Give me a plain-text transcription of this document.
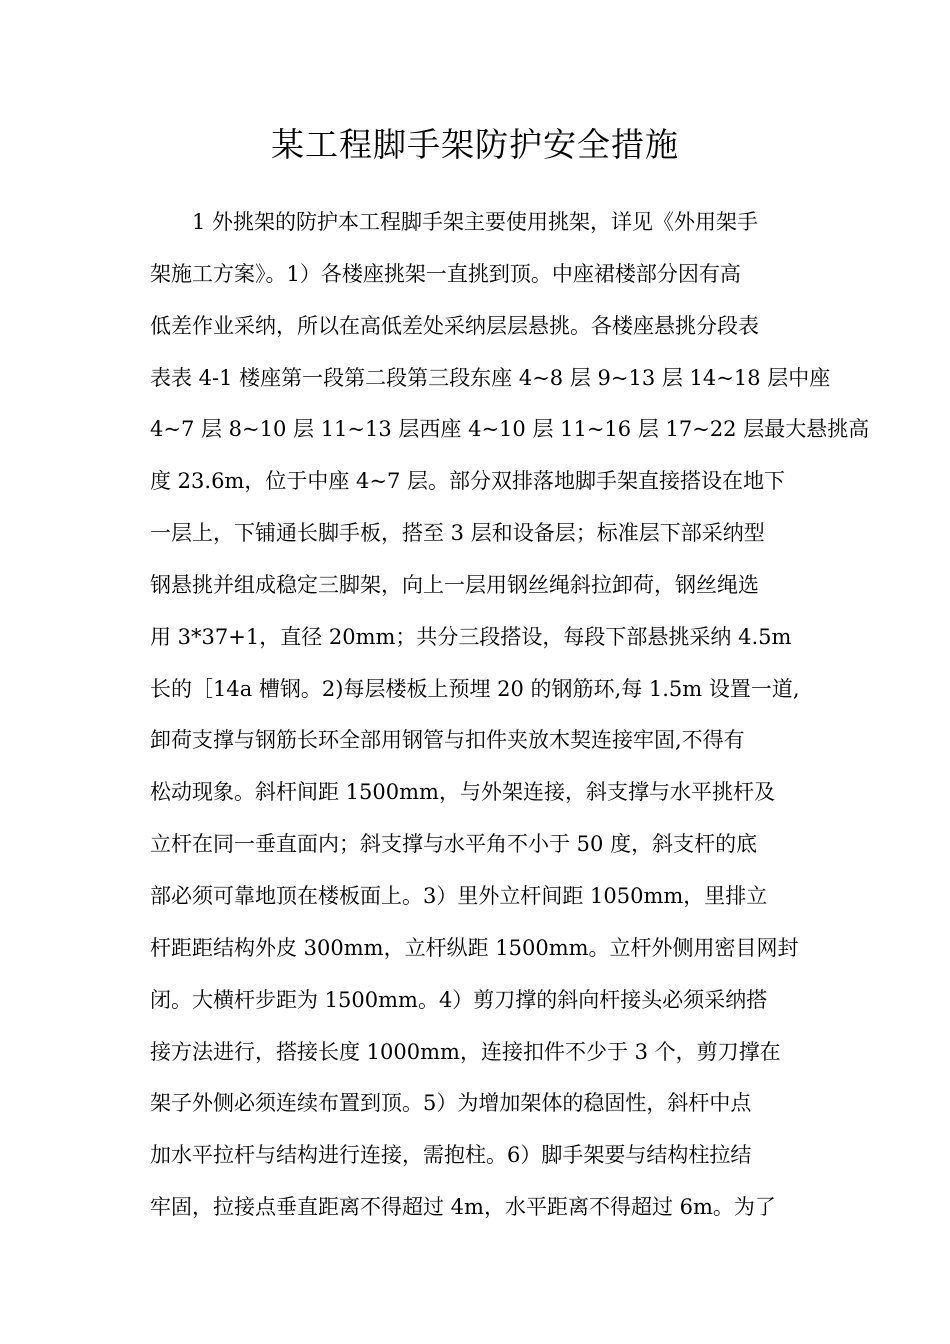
某工程脚手架防护安全措施
1 外挑架的防护本工程脚手架主要使用挑架，详见《外用架手
架施工方案》。1）各楼座挑架一直挑到顶。中座裙楼部分因有高
低差作业采纳，所以在高低差处采纳层层悬挑。各楼座悬挑分段表
表表 4-1 楼座第一段第二段第三段东座 4~8 层 9~13 层 14~18 层中座
4~7 层 8~10 层 11~13 层西座 4~10 层 11~16 层 17~22 层最大悬挑高
度 23.6m，位于中座 4~7 层。部分双排落地脚手架直接搭设在地下
一层上，下铺通长脚手板，搭至 3 层和设备层；标准层下部采纳型
钢悬挑并组成稳定三脚架，向上一层用钢丝绳斜拉卸荷，钢丝绳选
用 3*37+1，直径 20mm；共分三段搭设，每段下部悬挑采纳 4.5m
长的［14a 槽钢。2)每层楼板上预埋 20 的钢筋环,每 1.5m 设置一道,
卸荷支撑与钢筋长环全部用钢管与扣件夹放木契连接牢固,不得有
松动现象。斜杆间距 1500mm，与外架连接，斜支撑与水平挑杆及
立杆在同一垂直面内；斜支撑与水平角不小于 50 度，斜支杆的底
部必须可靠地顶在楼板面上。3）里外立杆间距 1050mm，里排立
杆距距结构外皮 300mm，立杆纵距 1500mm。立杆外侧用密目网封
闭。大横杆步距为 1500mm。4）剪刀撑的斜向杆接头必须采纳搭
接方法进行，搭接长度 1000mm，连接扣件不少于 3 个，剪刀撑在
架子外侧必须连续布置到顶。5）为增加架体的稳固性，斜杆中点
加水平拉杆与结构进行连接，需抱柱。6）脚手架要与结构柱拉结
牢固，拉接点垂直距离不得超过 4m，水平距离不得超过 6m。为了
